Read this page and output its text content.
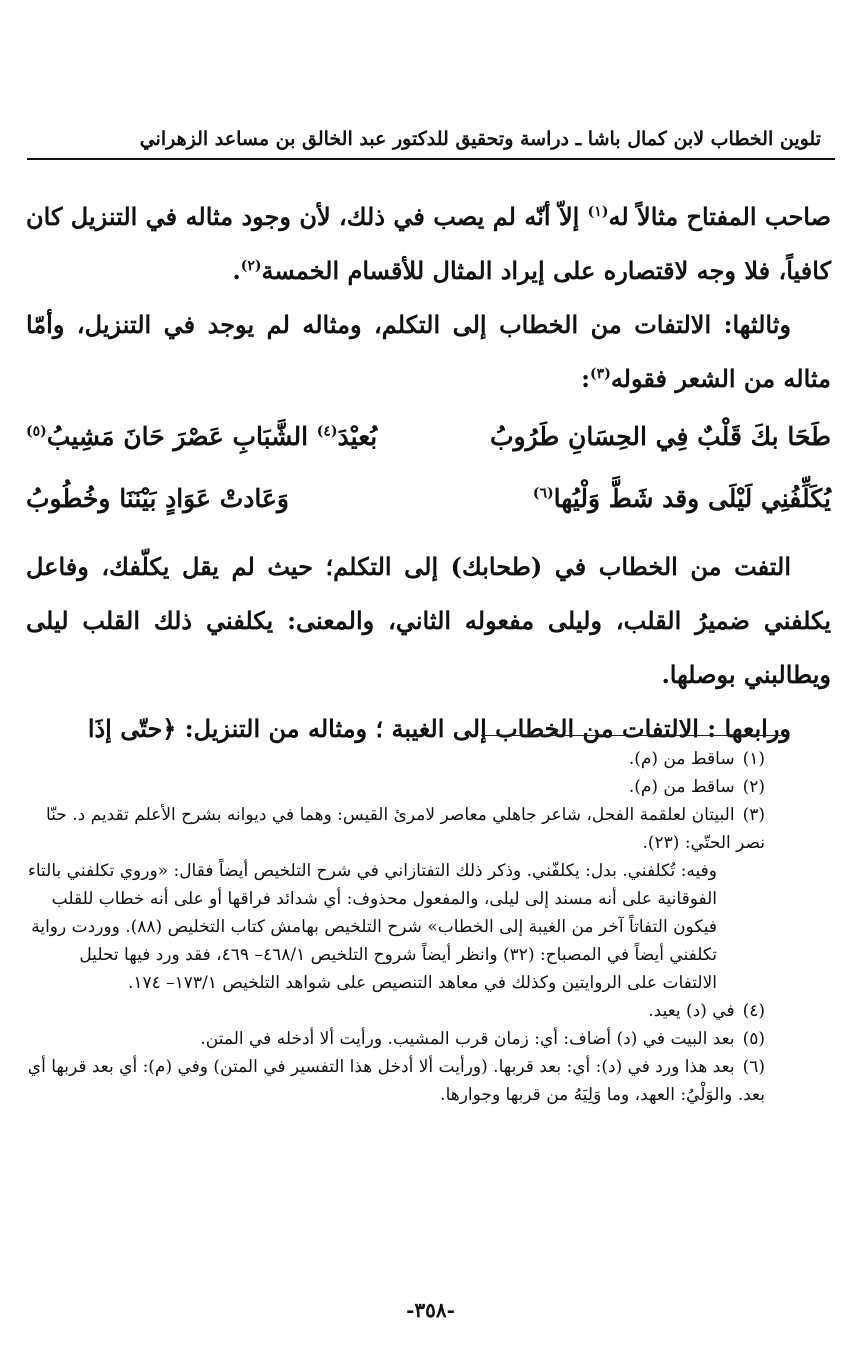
تلوين الخطاب لابن كمال باشا ـ دراسة وتحقيق للدكتور عبد الخالق بن مساعد الزهراني

صاحب المفتاح مثالاً له$^{(١)}$ إلاّ أنّه لم يصب في ذلك، لأن وجود مثاله في التنزيل كان كافياً، فلا وجه لاقتصاره على إيراد المثال للأقسام الخمسة$^{(٢)}$.

وثالثها: الالتفات من الخطاب إلى التكلم، ومثاله لم يوجد في التنزيل، وأمّا مثاله من الشعر فقوله$^{(٣)}$:

طَحَا بكَ قَلْبٌ فِي الحِسَانِ طَرُوبُ
بُعيْدَ$^{(٤)}$ الشَّبَابِ عَصْرَ حَانَ مَشِيبُ$^{(٥)}$
يُكَلِّفُنِي لَيْلَى وقد شَطَّ وَلْيُها$^{(٦)}$
وَعَادتْ عَوَادٍ بَيْنَنَا وخُطُوبُ

التفت من الخطاب في (طحابك) إلى التكلم؛ حيث لم يقل يكلّفك، وفاعل يكلفني ضميرُ القلب، وليلى مفعوله الثاني، والمعنى: يكلفني ذلك القلب ليلى ويطالبني بوصلها.

ورابعها : الالتفات من الخطاب إلى الغيبة ؛ ومثاله من التنزيل: ﴿حتّى إذَا

(١)ساقط من (م).

(٢)ساقط من (م).

(٣)البيتان لعلقمة الفحل، شاعر جاهلي معاصر لامرئ القيس: وهما في ديوانه بشرح الأعلم تقديم د. حنّا نصر الحتّي: (٢٣).

وفيه: تُكلفني. بدل: يكلفّني. وذكر ذلك التفتازاني في شرح التلخيص أيضاً فقال: «وروي تكلفني بالتاء الفوقانية على أنه مسند إلى ليلى، والمفعول محذوف: أي شدائد فراقها أو على أنه خطاب للقلب فيكون التفاتاً آخر من الغيبة إلى الخطاب» شرح التلخيص بهامش كتاب التخليص (٨٨). ووردت رواية تكلفني أيضاً في المصباح: (٣٢) وانظر أيضاً شروح التلخيص ٤٦٨/١– ٤٦٩، فقد ورد فيها تحليل الالتفات على الروايتين وكذلك في معاهد التنصيص على شواهد التلخيص ١٧٣/١– ١٧٤.

(٤)في (د) يعيد.

(٥)بعد البيت في (د) أضاف: أي: زمان قرب المشيب. ورأيت ألا أدخله في المتن.

(٦)بعد هذا ورد في (د): أي: بعد قربها. (ورأيت ألا أدخل هذا التفسير في المتن) وفي (م): أي بعد قربها أي بعد. والوَلْيُ: العهد، وما وَلِيَهُ من قربها وجوارها.

-٣٥٨-
